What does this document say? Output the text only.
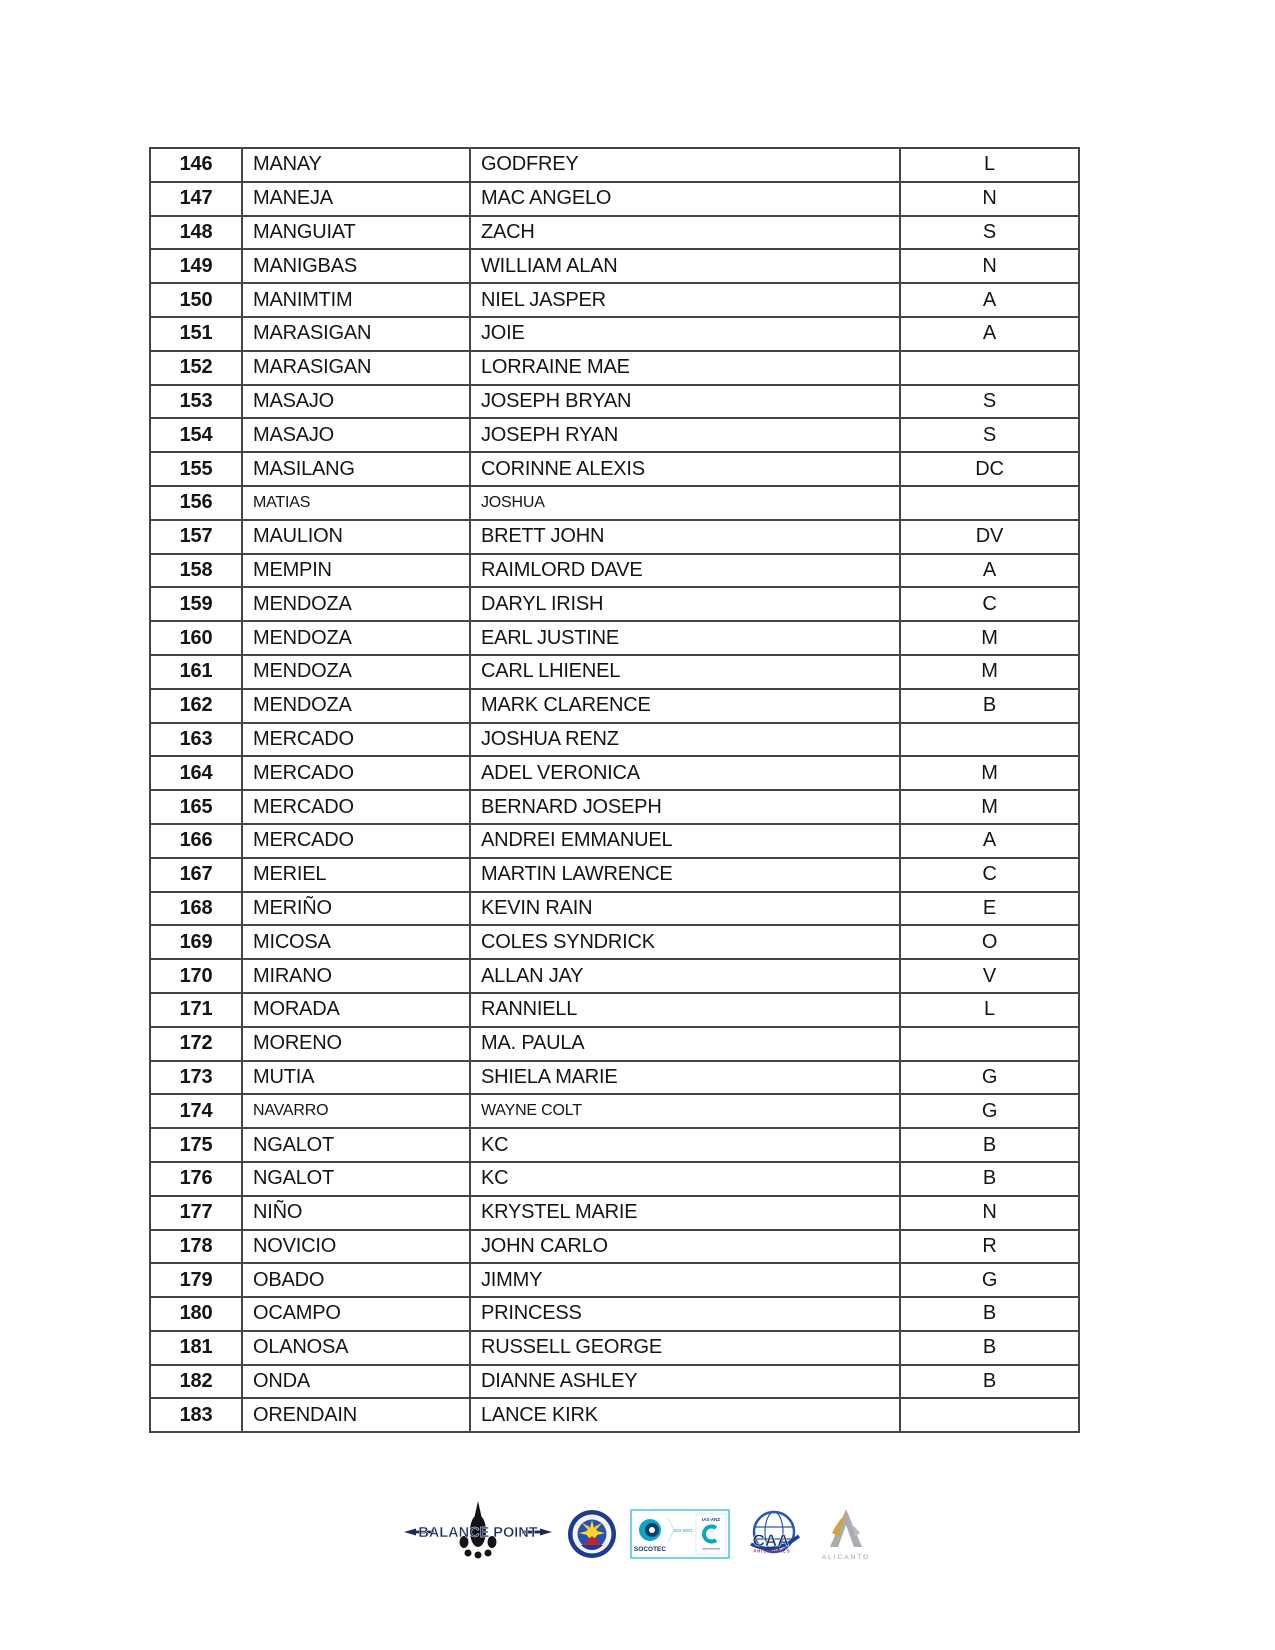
146	MANAY	GODFREY	L
147	MANEJA	MAC ANGELO	N
148	MANGUIAT	ZACH	S
149	MANIGBAS	WILLIAM ALAN	N
150	MANIMTIM	NIEL JASPER	A
151	MARASIGAN	JOIE	A
152	MARASIGAN	LORRAINE MAE	
153	MASAJO	JOSEPH BRYAN	S
154	MASAJO	JOSEPH RYAN	S
155	MASILANG	CORINNE ALEXIS	DC
156	MATIAS	JOSHUA	
157	MAULION	BRETT JOHN	DV
158	MEMPIN	RAIMLORD DAVE	A
159	MENDOZA	DARYL IRISH	C
160	MENDOZA	EARL JUSTINE	M
161	MENDOZA	CARL LHIENEL	M
162	MENDOZA	MARK CLARENCE	B
163	MERCADO	JOSHUA RENZ	
164	MERCADO	ADEL VERONICA	M
165	MERCADO	BERNARD JOSEPH	M
166	MERCADO	ANDREI EMMANUEL	A
167	MERIEL	MARTIN LAWRENCE	C
168	MERIÑO	KEVIN RAIN	E
169	MICOSA	COLES SYNDRICK	O
170	MIRANO	ALLAN JAY	V
171	MORADA	RANNIELL	L
172	MORENO	MA. PAULA	
173	MUTIA	SHIELA MARIE	G
174	NAVARRO	WAYNE COLT	G
175	NGALOT	KC	B
176	NGALOT	KC	B
177	NIÑO	KRYSTEL MARIE	N
178	NOVICIO	JOHN CARLO	R
179	OBADO	JIMMY	G
180	OCAMPO	PRINCESS	B
181	OLANOSA	RUSSELL GEORGE	B
182	ONDA	DIANNE ASHLEY	B
183	ORENDAIN	LANCE KIRK	
BALANCE POINT
SOCOTEC
ISO 9001
IAS-ANZ
CAA
PHILIPPINES
ALICANTO
